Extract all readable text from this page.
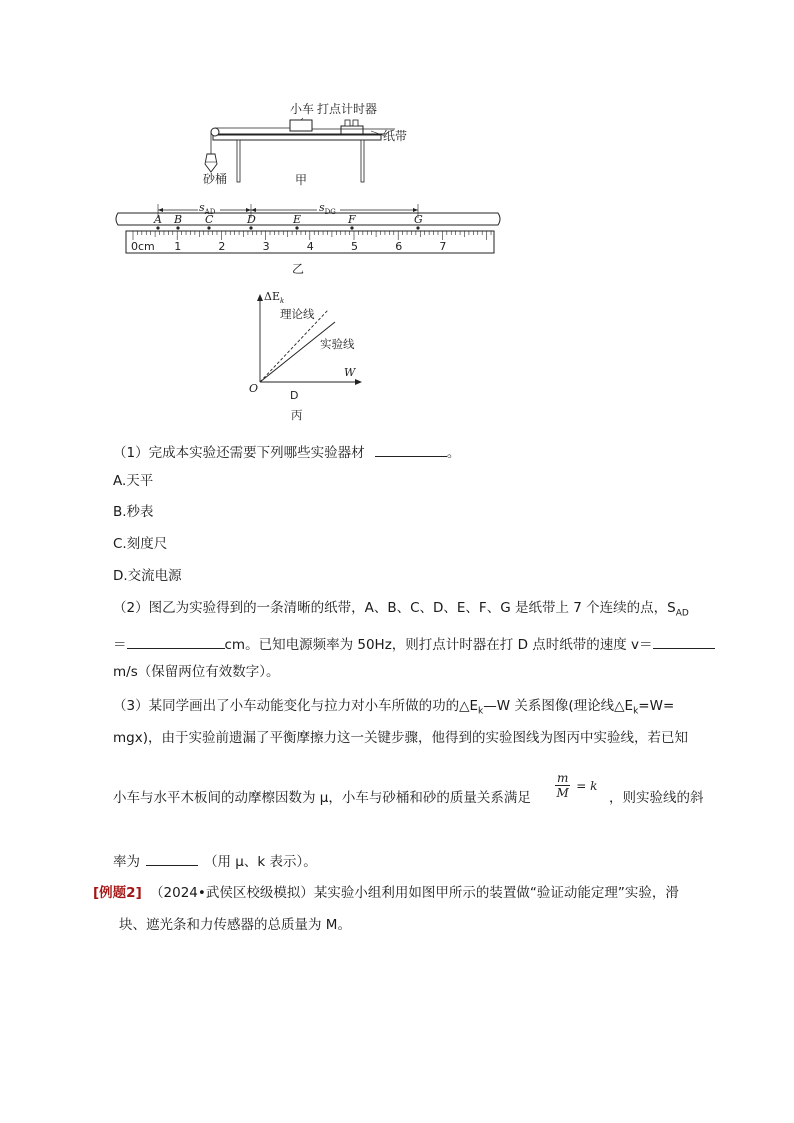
小车 打点计时器
纸带
砂桶	甲
0cm 1	2	3	4	5	6	7
A B C	D	E	F	G
$s_{AD}$	$s_{DG}$
乙
$\Delta E_k$
理论线
实验线
W
O
D
丙
（1）完成本实验还需要下列哪些实验器材	。
A.天平
B.秒表
C.刻度尺
D.交流电源
（2）图乙为实验得到的一条清晰的纸带，A、B、C、D、E、F、G 是纸带上 7 个连续的点，$S_{AD}$
＝	cm。已知电源频率为 50Hz，则打点计时器在打 D 点时纸带的速度 v＝
m/s（保留两位有效数字）。
（3）某同学画出了小车动能变化与拉力对小车所做的功的$\triangle E_k—W$ 关系图像(理论线$\triangle E_k=W=$
mgx)，由于实验前遗漏了平衡摩擦力这一关键步骤，他得到的实验图线为图丙中实验线，若已知
小车与水平木板间的动摩檫因数为 μ，小车与砂桶和砂的质量关系满足 $\frac{m}{M} = k$
，则实验线的斜
率为	（用 μ、k 表示）。
[例题2] （2024•武侯区校级模拟）某实验小组利用如图甲所示的装置做“验证动能定理”实验，滑
块、遮光条和力传感器的总质量为 M。
